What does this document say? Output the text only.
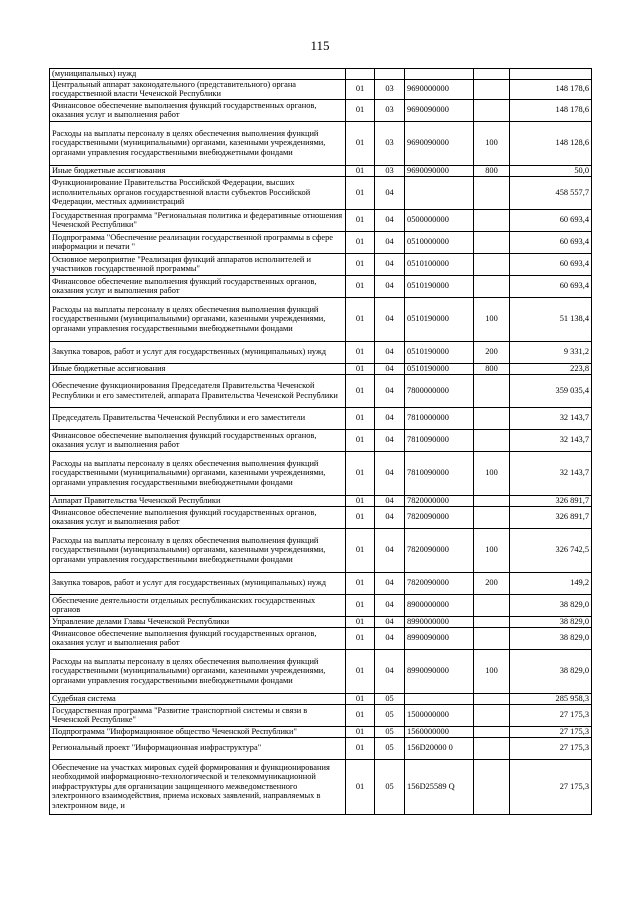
115
(муниципальных) нужд					
Центральный аппарат законодательного (представительного) органа государственной власти Чеченской Республики	01	03	9690000000		148 178,6
Финансовое обеспечение выполнения функций государственных органов, оказания услуг и выполнения работ	01	03	9690090000		148 178,6
Расходы на выплаты персоналу в целях обеспечения выполнения функций государственными (муниципальными) органами, казенными учреждениями, органами управления государственными внебюджетными фондами	01	03	9690090000	100	148 128,6
Иные бюджетные ассигнования	01	03	9690090000	800	50,0
Функционирование Правительства Российской Федерации, высших исполнительных органов государственной власти субъектов Российской Федерации, местных администраций	01	04			458 557,7
Государственная программа "Региональная политика и федеративные отношения Чеченской Республики"	01	04	0500000000		60 693,4
Подпрограмма "Обеспечение реализации государственной программы в сфере информации и печати "	01	04	0510000000		60 693,4
Основное мероприятие "Реализация функций аппаратов исполнителей и участников государственной программы"	01	04	0510100000		60 693,4
Финансовое обеспечение выполнения функций государственных органов, оказания услуг и выполнения работ	01	04	0510190000		60 693,4
Расходы на выплаты персоналу в целях обеспечения выполнения функций государственными (муниципальными) органами, казенными учреждениями, органами управления государственными внебюджетными фондами	01	04	0510190000	100	51 138,4
Закупка товаров, работ и услуг для государственных (муниципальных) нужд	01	04	0510190000	200	9 331,2
Иные бюджетные ассигнования	01	04	0510190000	800	223,8
Обеспечение функционирования Председателя Правительства Чеченской Республики и его заместителей, аппарата Правительства Чеченской Республики	01	04	7800000000		359 035,4
Председатель Правительства Чеченской Республики и его заместители	01	04	7810000000		32 143,7
Финансовое обеспечение выполнения функций государственных органов, оказания услуг и выполнения работ	01	04	7810090000		32 143,7
Расходы на выплаты персоналу в целях обеспечения выполнения функций государственными (муниципальными) органами, казенными учреждениями, органами управления государственными внебюджетными фондами	01	04	7810090000	100	32 143,7
Аппарат Правительства Чеченской Республики	01	04	7820000000		326 891,7
Финансовое обеспечение выполнения функций государственных органов, оказания услуг и выполнения работ	01	04	7820090000		326 891,7
Расходы на выплаты персоналу в целях обеспечения выполнения функций государственными (муниципальными) органами, казенными учреждениями, органами управления государственными внебюджетными фондами	01	04	7820090000	100	326 742,5
Закупка товаров, работ и услуг для государственных (муниципальных) нужд	01	04	7820090000	200	149,2
Обеспечение деятельности отдельных республиканских государственных органов	01	04	8900000000		38 829,0
Управление делами Главы Чеченской Республики	01	04	8990000000		38 829,0
Финансовое обеспечение выполнения функций государственных органов, оказания услуг и выполнения работ	01	04	8990090000		38 829,0
Расходы на выплаты персоналу в целях обеспечения выполнения функций государственными (муниципальными) органами, казенными учреждениями, органами управления государственными внебюджетными фондами	01	04	8990090000	100	38 829,0
Судебная система	01	05			285 958,3
Государственная программа "Развитие транспортной системы и связи в Чеченской Республике"	01	05	1500000000		27 175,3
Подпрограмма "Информационное общество Чеченской Республики"	01	05	1560000000		27 175,3
Региональный проект "Информационная инфраструктура"	01	05	156D20000 0		27 175,3
Обеспечение на участках мировых судей формирования и функционирования необходимой информационно-технологической и телекоммуникационной инфраструктуры для организации защищенного межведомственного электронного взаимодействия, приема исковых заявлений, направляемых в электронном виде, и	01	05	156D25589 Q		27 175,3
